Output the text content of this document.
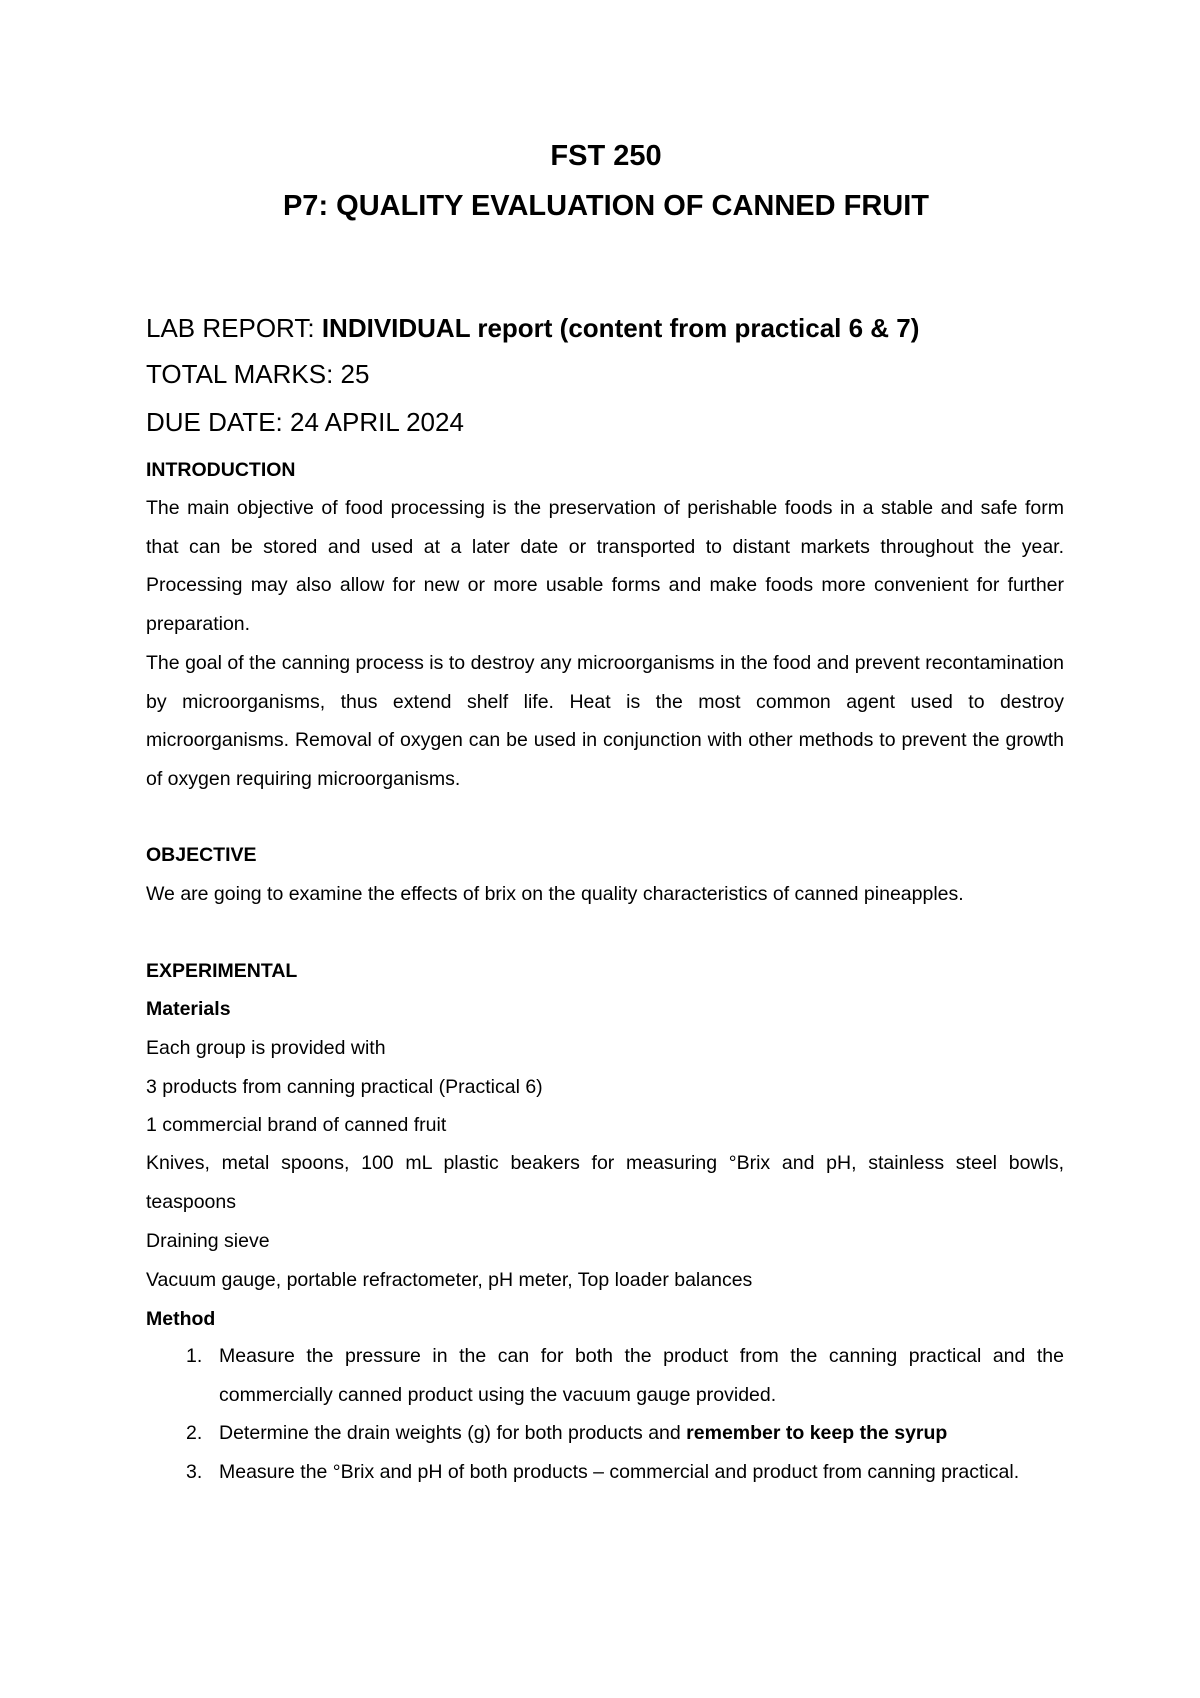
FST 250
P7: QUALITY EVALUATION OF CANNED FRUIT
LAB REPORT: INDIVIDUAL report (content from practical 6 & 7)
TOTAL MARKS: 25
DUE DATE: 24 APRIL 2024
INTRODUCTION
The main objective of food processing is the preservation of perishable foods in a stable and safe form that can be stored and used at a later date or transported to distant markets throughout the year. Processing may also allow for new or more usable forms and make foods more convenient for further preparation.
The goal of the canning process is to destroy any microorganisms in the food and prevent recontamination by microorganisms, thus extend shelf life. Heat is the most common agent used to destroy microorganisms. Removal of oxygen can be used in conjunction with other methods to prevent the growth of oxygen requiring microorganisms.
OBJECTIVE
We are going to examine the effects of brix on the quality characteristics of canned pineapples.
EXPERIMENTAL
Materials
Each group is provided with
3 products from canning practical (Practical 6)
1 commercial brand of canned fruit
Knives, metal spoons, 100 mL plastic beakers for measuring °Brix and pH, stainless steel bowls, teaspoons
Draining sieve
Vacuum gauge, portable refractometer, pH meter, Top loader balances
Method
1. Measure the pressure in the can for both the product from the canning practical and the commercially canned product using the vacuum gauge provided.
2. Determine the drain weights (g) for both products and remember to keep the syrup
3. Measure the °Brix and pH of both products – commercial and product from canning practical.
